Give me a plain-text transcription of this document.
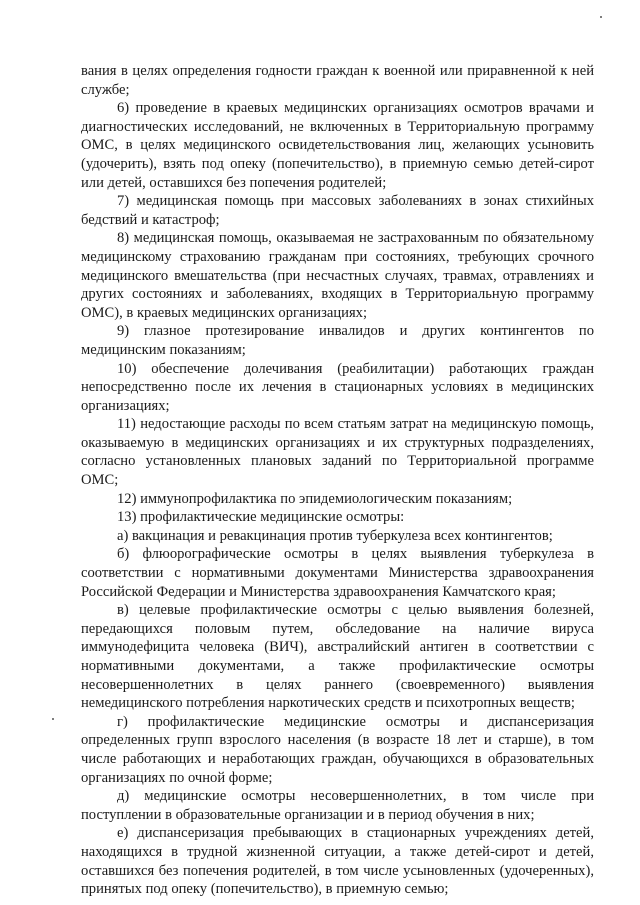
вания в целях определения годности граждан к военной или приравненной к ней службе;

6) проведение в краевых медицинских организациях осмотров врачами и диагностических исследований, не включенных в Территориальную программу ОМС, в целях медицинского освидетельствования лиц, желающих усыновить (удочерить), взять под опеку (попечительство), в приемную семью детей-сирот или детей, оставшихся без попечения родителей;

7) медицинская помощь при массовых заболеваниях в зонах стихийных бедствий и катастроф;

8) медицинская помощь, оказываемая не застрахованным по обязательному медицинскому страхованию гражданам при состояниях, требующих срочного медицинского вмешательства (при несчастных случаях, травмах, отравлениях и других состояниях и заболеваниях, входящих в Территориальную программу ОМС), в краевых медицинских организациях;

9) глазное протезирование инвалидов и других контингентов по медицинским показаниям;

10) обеспечение долечивания (реабилитации) работающих граждан непосредственно после их лечения в стационарных условиях в медицинских организациях;

11) недостающие расходы по всем статьям затрат на медицинскую помощь, оказываемую в медицинских организациях и их структурных подразделениях, согласно установленных плановых заданий по Территориальной программе ОМС;

12) иммунопрофилактика по эпидемиологическим показаниям;

13) профилактические медицинские осмотры:

а) вакцинация и ревакцинация против туберкулеза всех контингентов;

б) флюорографические осмотры в целях выявления туберкулеза в соответствии с нормативными документами Министерства здравоохранения Российской Федерации и Министерства здравоохранения Камчатского края;

в) целевые профилактические осмотры с целью выявления болезней, передающихся половым путем, обследование на наличие вируса иммунодефицита человека (ВИЧ), австралийский антиген в соответствии с нормативными документами, а также профилактические осмотры несовершеннолетних в целях раннего (своевременного) выявления немедицинского потребления наркотических средств и психотропных веществ;

г) профилактические медицинские осмотры и диспансеризация определенных групп взрослого населения (в возрасте 18 лет и старше), в том числе работающих и неработающих граждан, обучающихся в образовательных организациях по очной форме;

д) медицинские осмотры несовершеннолетних, в том числе при поступлении в образовательные организации и в период обучения в них;

е) диспансеризация пребывающих в стационарных учреждениях детей, находящихся в трудной жизненной ситуации, а также детей-сирот и детей, оставшихся без попечения родителей, в том числе усыновленных (удочеренных), принятых под опеку (попечительство), в приемную семью;
